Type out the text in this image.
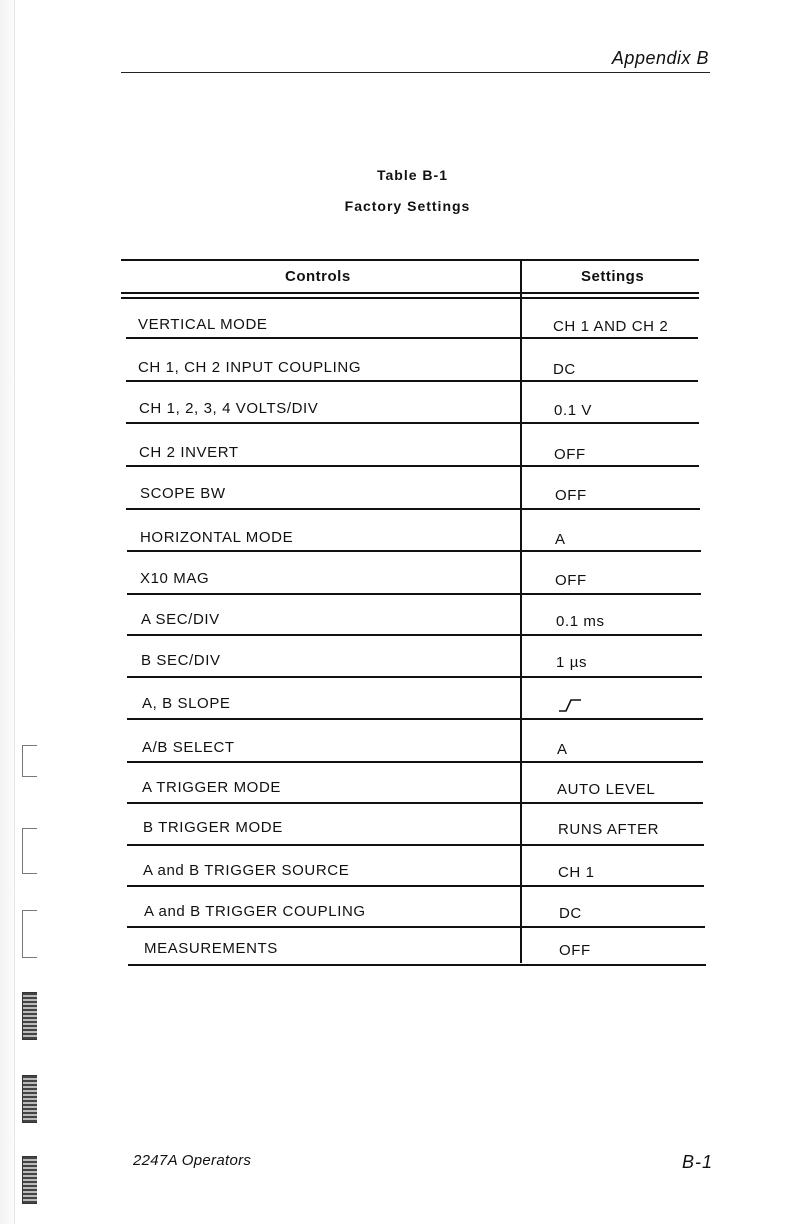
Appendix B
Table B-1
Factory Settings
Controls	Settings
VERTICAL MODE	CH 1 AND CH 2
CH 1, CH 2 INPUT COUPLING	DC
CH 1, 2, 3, 4 VOLTS/DIV	0.1 V
CH 2 INVERT	OFF
SCOPE BW	OFF
HORIZONTAL MODE	A
X10 MAG	OFF
A SEC/DIV	0.1 ms
B SEC/DIV	1 µs
A, B SLOPE
A/B SELECT	A
A TRIGGER MODE	AUTO LEVEL
B TRIGGER MODE	RUNS AFTER
A and B TRIGGER SOURCE	CH 1
A and B TRIGGER COUPLING	DC
MEASUREMENTS	OFF
2247A Operators	B-1
